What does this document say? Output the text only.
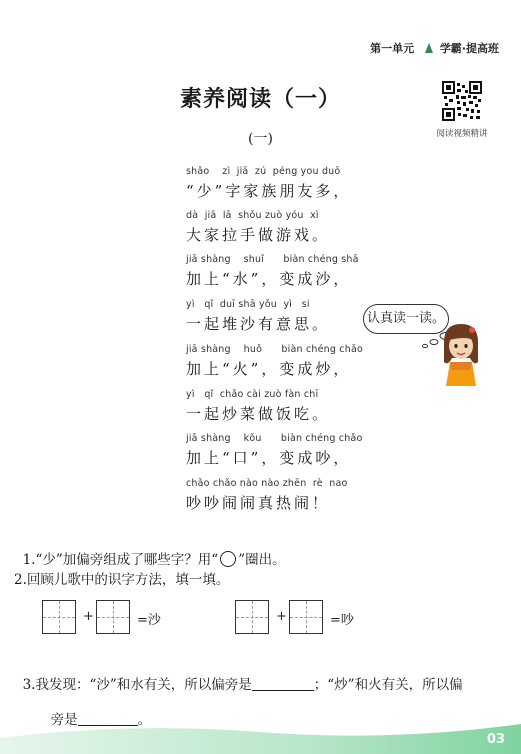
第一单元 学霸·提高班
素养阅读（一）
阅读视频精讲
(一)
shǎo    zì  jiā  zú  péng you duō
“少”字家族朋友多，
dà  jiā  lā  shǒu zuò yóu  xì
大家拉手做游戏。
jiā shàng    shuǐ      biàn chéng shā
加上“水”，变成沙，
yì   qǐ  duī shā yǒu  yì   si
一起堆沙有意思。
jiā shàng    huǒ      biàn chéng chǎo
加上“火”，变成炒，
yì   qǐ  chǎo cài zuò fàn chī
一起炒菜做饭吃。
jiā shàng    kǒu      biàn chéng chǎo
加上“口”，变成吵，
chǎo chǎo nào nào zhēn  rè  nao
吵吵闹闹真热闹！
认真读一读。

1.“少”加偏旁组成了哪些字？用“ ”圈出。

2.回顾儿歌中的识字方法，填一填。
+	=沙	+	=吵

3.我发现：“沙”和水有关，所以偏旁是	；“炒”和火有关，所以偏

旁是	。

03
